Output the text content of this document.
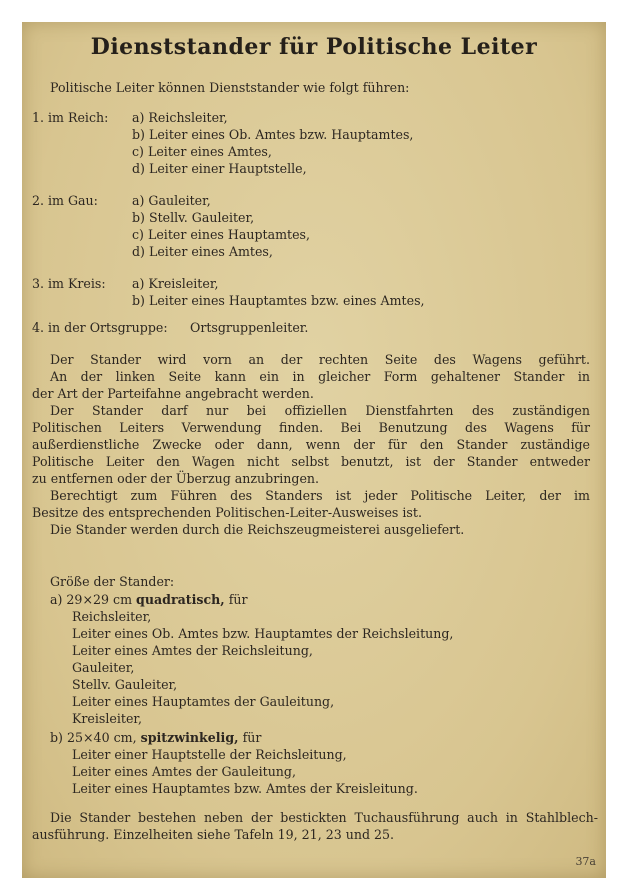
Dienststander für Politische Leiter
Politische Leiter können Dienststander wie folgt führen:
1. im Reich: a) Reichsleiter,
b) Leiter eines Ob. Amtes bzw. Hauptamtes,
c) Leiter eines Amtes,
d) Leiter einer Hauptstelle,
2. im Gau:	a) Gauleiter,
b) Stellv. Gauleiter,
c) Leiter eines Hauptamtes,
d) Leiter eines Amtes,
3. im Kreis: a) Kreisleiter,
b) Leiter eines Hauptamtes bzw. eines Amtes,
4. in der Ortsgruppe: Ortsgruppenleiter.
Der Stander wird vorn an der rechten Seite des Wagens geführt.
An der linken Seite kann ein in gleicher Form gehaltener Stander in
der Art der Parteifahne angebracht werden.
Der Stander darf nur bei offiziellen Dienstfahrten des zuständigen
Politischen Leiters Verwendung finden. Bei Benutzung des Wagens für
außerdienstliche Zwecke oder dann, wenn der für den Stander zuständige
Politische Leiter den Wagen nicht selbst benutzt, ist der Stander entweder
zu entfernen oder der Überzug anzubringen.
Berechtigt zum Führen des Standers ist jeder Politische Leiter, der im
Besitze des entsprechenden Politischen-Leiter-Ausweises ist.
Die Stander werden durch die Reichszeugmeisterei ausgeliefert.
Größe der Stander:
a) 29×29 cm quadratisch, für
Reichsleiter,
Leiter eines Ob. Amtes bzw. Hauptamtes der Reichsleitung,
Leiter eines Amtes der Reichsleitung,
Gauleiter,
Stellv. Gauleiter,
Leiter eines Hauptamtes der Gauleitung,
Kreisleiter,
b) 25×40 cm, spitzwinkelig, für
Leiter einer Hauptstelle der Reichsleitung,
Leiter eines Amtes der Gauleitung,
Leiter eines Hauptamtes bzw. Amtes der Kreisleitung.
Die Stander bestehen neben der bestickten Tuchausführung auch in Stahlblech-
ausführung. Einzelheiten siehe Tafeln 19, 21, 23 und 25.
37a
